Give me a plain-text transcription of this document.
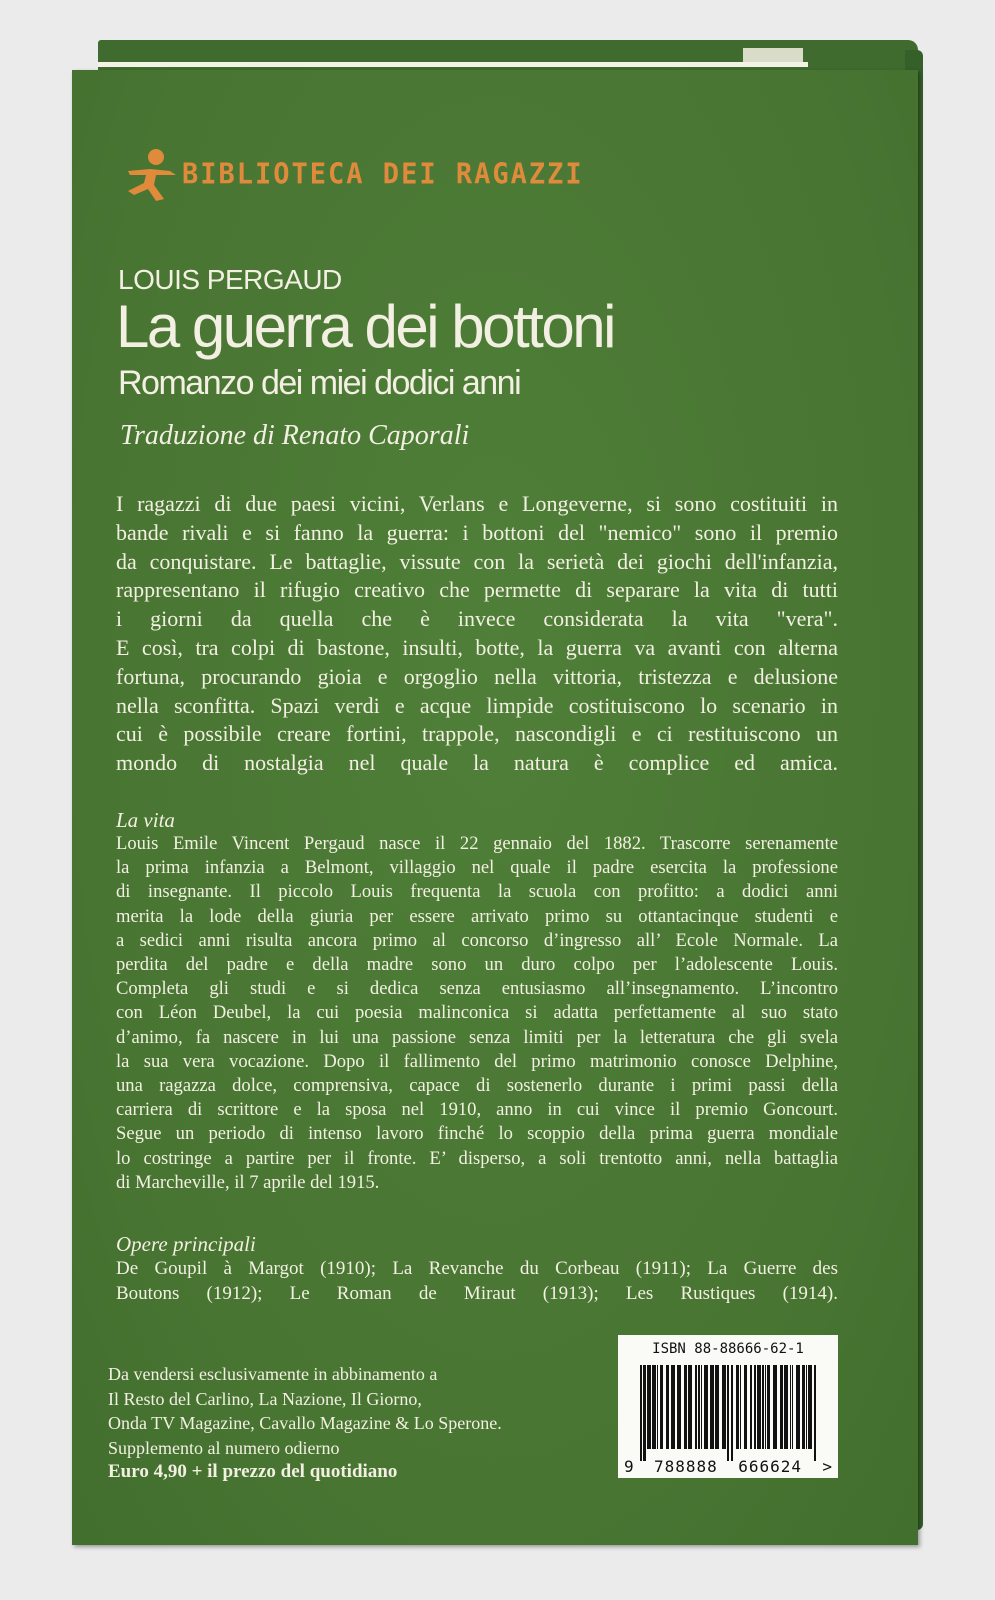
BIBLIOTECA DEI RAGAZZI
LOUIS PERGAUD
La guerra dei bottoni
Romanzo dei miei dodici anni
Traduzione di Renato Caporali
I ragazzi di due paesi vicini, Verlans e Longeverne, si sono costituiti in
bande rivali e si fanno la guerra: i bottoni del "nemico" sono il premio
da conquistare. Le battaglie, vissute con la serietà dei giochi dell'infanzia,
rappresentano il rifugio creativo che permette di separare la vita di tutti
i giorni da quella che è invece considerata la vita "vera".
E così, tra colpi di bastone, insulti, botte, la guerra va avanti con alterna
fortuna, procurando gioia e orgoglio nella vittoria, tristezza e delusione
nella sconfitta. Spazi verdi e acque limpide costituiscono lo scenario in
cui è possibile creare fortini, trappole, nascondigli e ci restituiscono un
mondo di nostalgia nel quale la natura è complice ed amica.
La vita
Louis Emile Vincent Pergaud nasce il 22 gennaio del 1882. Trascorre serenamente
la prima infanzia a Belmont, villaggio nel quale il padre esercita la professione
di insegnante. Il piccolo Louis frequenta la scuola con profitto: a dodici anni
merita la lode della giuria per essere arrivato primo su ottantacinque studenti e
a sedici anni risulta ancora primo al concorso d’ingresso all’ Ecole Normale. La
perdita del padre e della madre sono un duro colpo per l’adolescente Louis.
Completa gli studi e si dedica senza entusiasmo all’insegnamento. L’incontro
con Léon Deubel, la cui poesia malinconica si adatta perfettamente al suo stato
d’animo, fa nascere in lui una passione senza limiti per la letteratura che gli svela
la sua vera vocazione. Dopo il fallimento del primo matrimonio conosce Delphine,
una ragazza dolce, comprensiva, capace di sostenerlo durante i primi passi della
carriera di scrittore e la sposa nel 1910, anno in cui vince il premio Goncourt.
Segue un periodo di intenso lavoro finché lo scoppio della prima guerra mondiale
lo costringe a partire per il fronte. E’ disperso, a soli trentotto anni, nella battaglia
di Marcheville, il 7 aprile del 1915.
Opere principali
De Goupil à Margot (1910); La Revanche du Corbeau (1911); La Guerre des
Boutons (1912); Le Roman de Miraut (1913); Les Rustiques (1914).
Da vendersi esclusivamente in abbinamento a
Il Resto del Carlino, La Nazione, Il Giorno,
Onda TV Magazine, Cavallo Magazine & Lo Sperone.
Supplemento al numero odierno
Euro 4,90 + il prezzo del quotidiano
ISBN 88-88666-62-1
9 788888 666624 >
